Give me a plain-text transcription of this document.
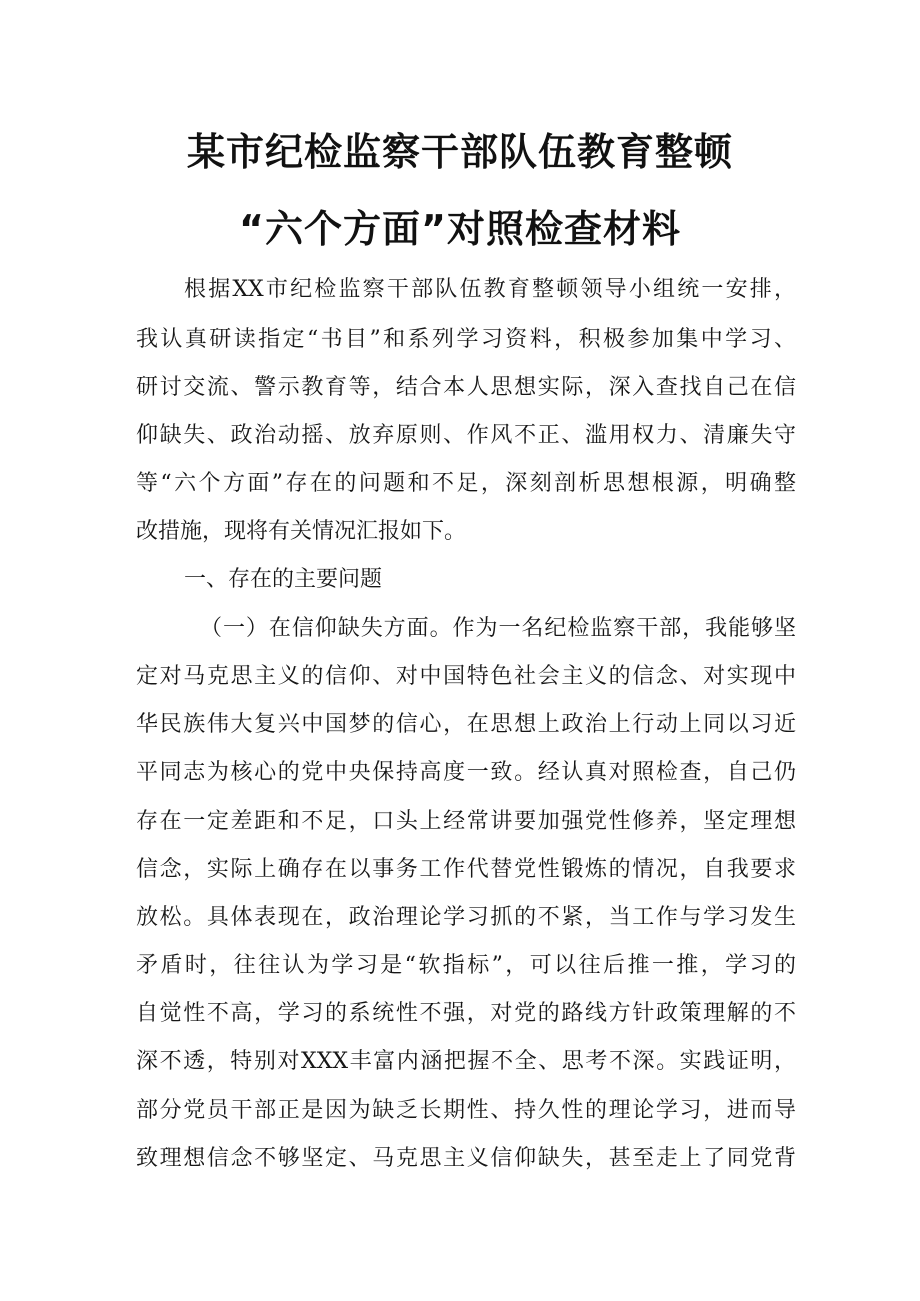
某市纪检监察干部队伍教育整顿
“六个方面”对照检查材料
根据XX市纪检监察干部队伍教育整顿领导小组统一安排，
我认真研读指定“书目”和系列学习资料，积极参加集中学习、
研讨交流、警示教育等，结合本人思想实际，深入查找自己在信
仰缺失、政治动摇、放弃原则、作风不正、滥用权力、清廉失守
等“六个方面”存在的问题和不足，深刻剖析思想根源，明确整
改措施，现将有关情况汇报如下。
一、存在的主要问题
（一）在信仰缺失方面。作为一名纪检监察干部，我能够坚
定对马克思主义的信仰、对中国特色社会主义的信念、对实现中
华民族伟大复兴中国梦的信心，在思想上政治上行动上同以习近
平同志为核心的党中央保持高度一致。经认真对照检查，自己仍
存在一定差距和不足，口头上经常讲要加强党性修养，坚定理想
信念，实际上确存在以事务工作代替党性锻炼的情况，自我要求
放松。具体表现在，政治理论学习抓的不紧，当工作与学习发生
矛盾时，往往认为学习是“软指标”，可以往后推一推，学习的
自觉性不高，学习的系统性不强，对党的路线方针政策理解的不
深不透，特别对XXX丰富内涵把握不全、思考不深。实践证明，
部分党员干部正是因为缺乏长期性、持久性的理论学习，进而导
致理想信念不够坚定、马克思主义信仰缺失，甚至走上了同党背
